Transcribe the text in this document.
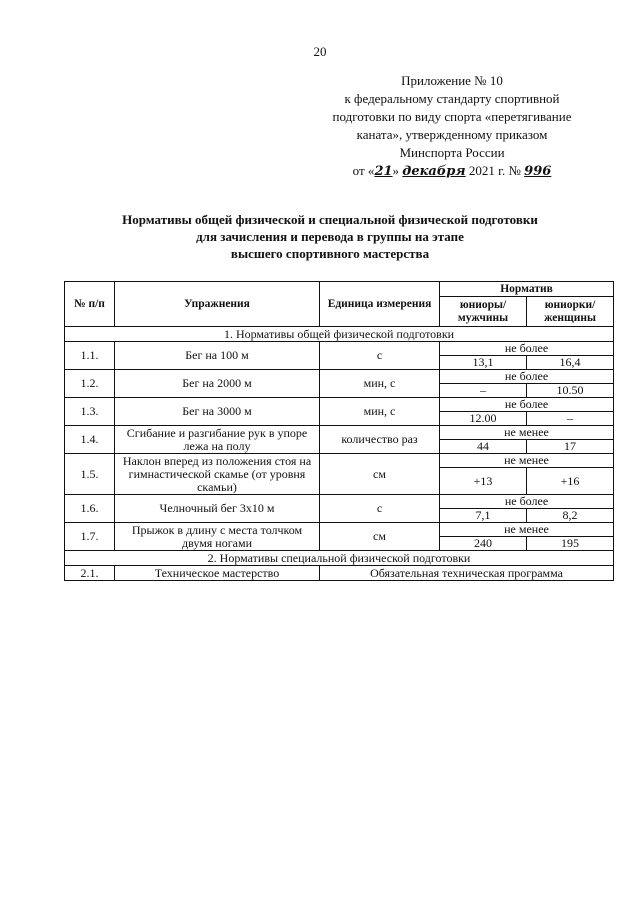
20
Приложение № 10
к федеральному стандарту спортивной
подготовки по виду спорта «перетягивание
каната», утвержденному приказом
Минспорта России
от «21» декабря 2021 г. № 996
Нормативы общей физической и специальной физической подготовки
для зачисления и перевода в группы на этапе
высшего спортивного мастерства
№ п/п	Упражнения	Единица измерения	Норматив	
			юниоры/ мужчины	юниорки/ женщины
1. Нормативы общей физической подготовки				
1.1.	Бег на 100 м	с	не более	
			13,1	16,4
1.2.	Бег на 2000 м	мин, с	не более	
			–	10.50
1.3.	Бег на 3000 м	мин, с	не более	
			12.00	–
1.4.	Сгибание и разгибание рук в упоре лежа на полу	количество раз	не менее	
			44	17
1.5.	Наклон вперед из положения стоя на гимнастической скамье (от уровня скамьи)	см	не менее	
			+13	+16
1.6.	Челночный бег 3х10 м	с	не более	
			7,1	8,2
1.7.	Прыжок в длину с места толчком двумя ногами	см	не менее	
			240	195
2. Нормативы специальной физической подготовки				
2.1.	Техническое мастерство	Обязательная техническая программа		
